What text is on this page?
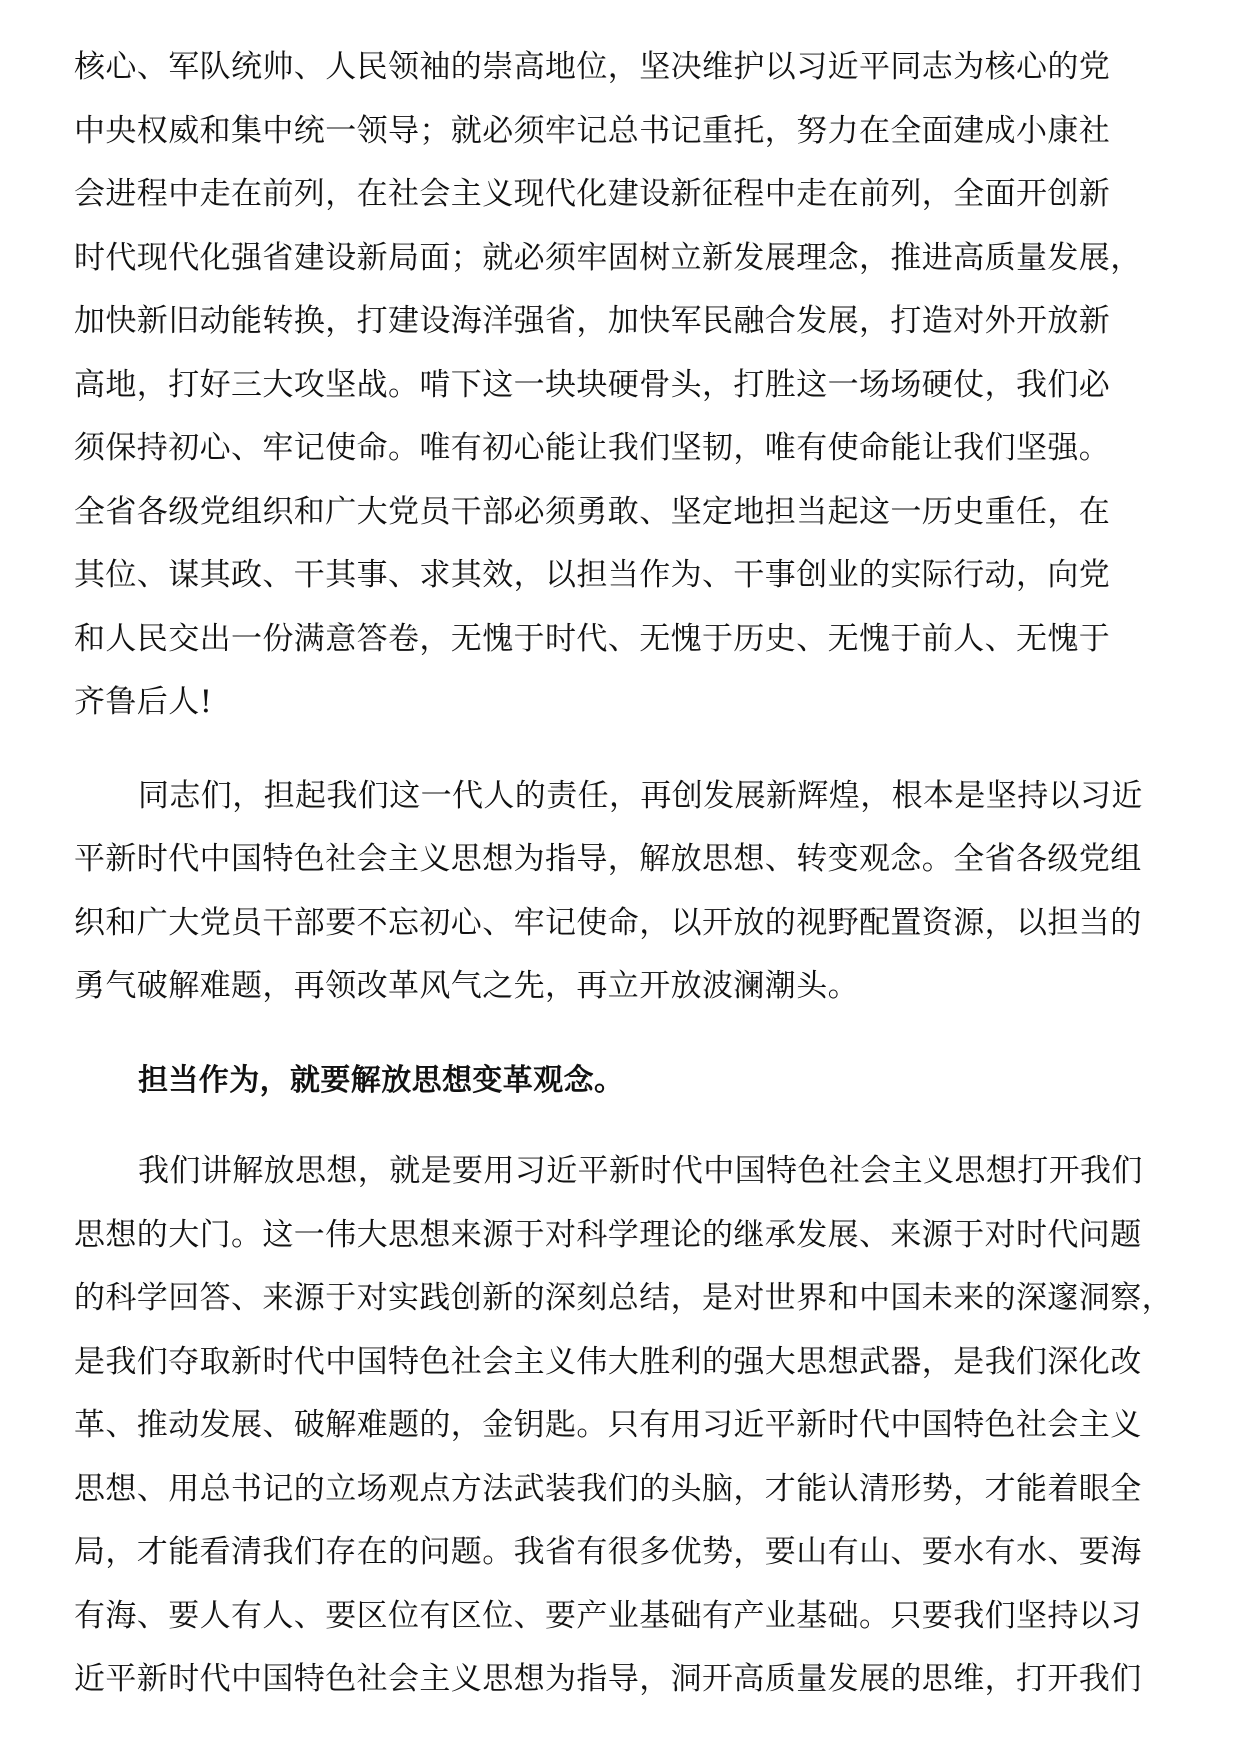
核心、军队统帅、人民领袖的崇高地位，坚决维护以习近平同志为核心的党
中央权威和集中统一领导；就必须牢记总书记重托，努力在全面建成小康社
会进程中走在前列，在社会主义现代化建设新征程中走在前列，全面开创新
时代现代化强省建设新局面；就必须牢固树立新发展理念，推进高质量发展，
加快新旧动能转换，打建设海洋强省，加快军民融合发展，打造对外开放新
高地，打好三大攻坚战。啃下这一块块硬骨头，打胜这一场场硬仗，我们必
须保持初心、牢记使命。唯有初心能让我们坚韧，唯有使命能让我们坚强。
全省各级党组织和广大党员干部必须勇敢、坚定地担当起这一历史重任，在
其位、谋其政、干其事、求其效，以担当作为、干事创业的实际行动，向党
和人民交出一份满意答卷，无愧于时代、无愧于历史、无愧于前人、无愧于
齐鲁后人!
同志们，担起我们这一代人的责任，再创发展新辉煌，根本是坚持以习近
平新时代中国特色社会主义思想为指导，解放思想、转变观念。全省各级党组
织和广大党员干部要不忘初心、牢记使命，以开放的视野配置资源，以担当的
勇气破解难题，再领改革风气之先，再立开放波澜潮头。
担当作为，就要解放思想变革观念。
我们讲解放思想，就是要用习近平新时代中国特色社会主义思想打开我们
思想的大门。这一伟大思想来源于对科学理论的继承发展、来源于对时代问题
的科学回答、来源于对实践创新的深刻总结，是对世界和中国未来的深邃洞察，
是我们夺取新时代中国特色社会主义伟大胜利的强大思想武器，是我们深化改
革、推动发展、破解难题的，金钥匙。只有用习近平新时代中国特色社会主义
思想、用总书记的立场观点方法武装我们的头脑，才能认清形势，才能着眼全
局，才能看清我们存在的问题。我省有很多优势，要山有山、要水有水、要海
有海、要人有人、要区位有区位、要产业基础有产业基础。只要我们坚持以习
近平新时代中国特色社会主义思想为指导，洞开高质量发展的思维，打开我们
